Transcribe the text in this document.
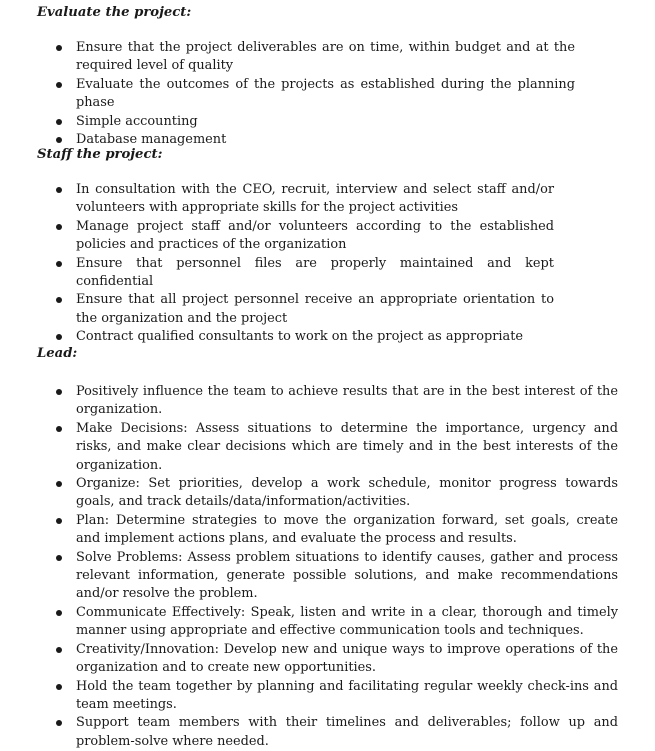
Evaluate the project:

Ensure that the project deliverables are on time, within budget and at the required level of quality
Evaluate the outcomes of the projects as established during the planning phase
Simple accounting
Database management

Staff the project:

In consultation with the CEO, recruit, interview and select staff and/or volunteers with appropriate skills for the project activities
Manage project staff and/or volunteers according to the established policies and practices of the organization
Ensure that personnel files are properly maintained and kept confidential
Ensure that all project personnel receive an appropriate orientation to the organization and the project
Contract qualified consultants to work on the project as appropriate

Lead:

Positively influence the team to achieve results that are in the best interest of the organization.
Make Decisions: Assess situations to determine the importance, urgency and risks, and make clear decisions which are timely and in the best interests of the organization.
Organize: Set priorities, develop a work schedule, monitor progress towards goals, and track details/data/information/activities.
Plan: Determine strategies to move the organization forward, set goals, create and implement actions plans, and evaluate the process and results.
Solve Problems: Assess problem situations to identify causes, gather and process relevant information, generate possible solutions, and make recommendations and/or resolve the problem.
Communicate Effectively: Speak, listen and write in a clear, thorough and timely manner using appropriate and effective communication tools and techniques.
Creativity/Innovation: Develop new and unique ways to improve operations of the organization and to create new opportunities.
Hold the team together by planning and facilitating regular weekly check-ins and team meetings.
Support team members with their timelines and deliverables; follow up and problem-solve where needed.
